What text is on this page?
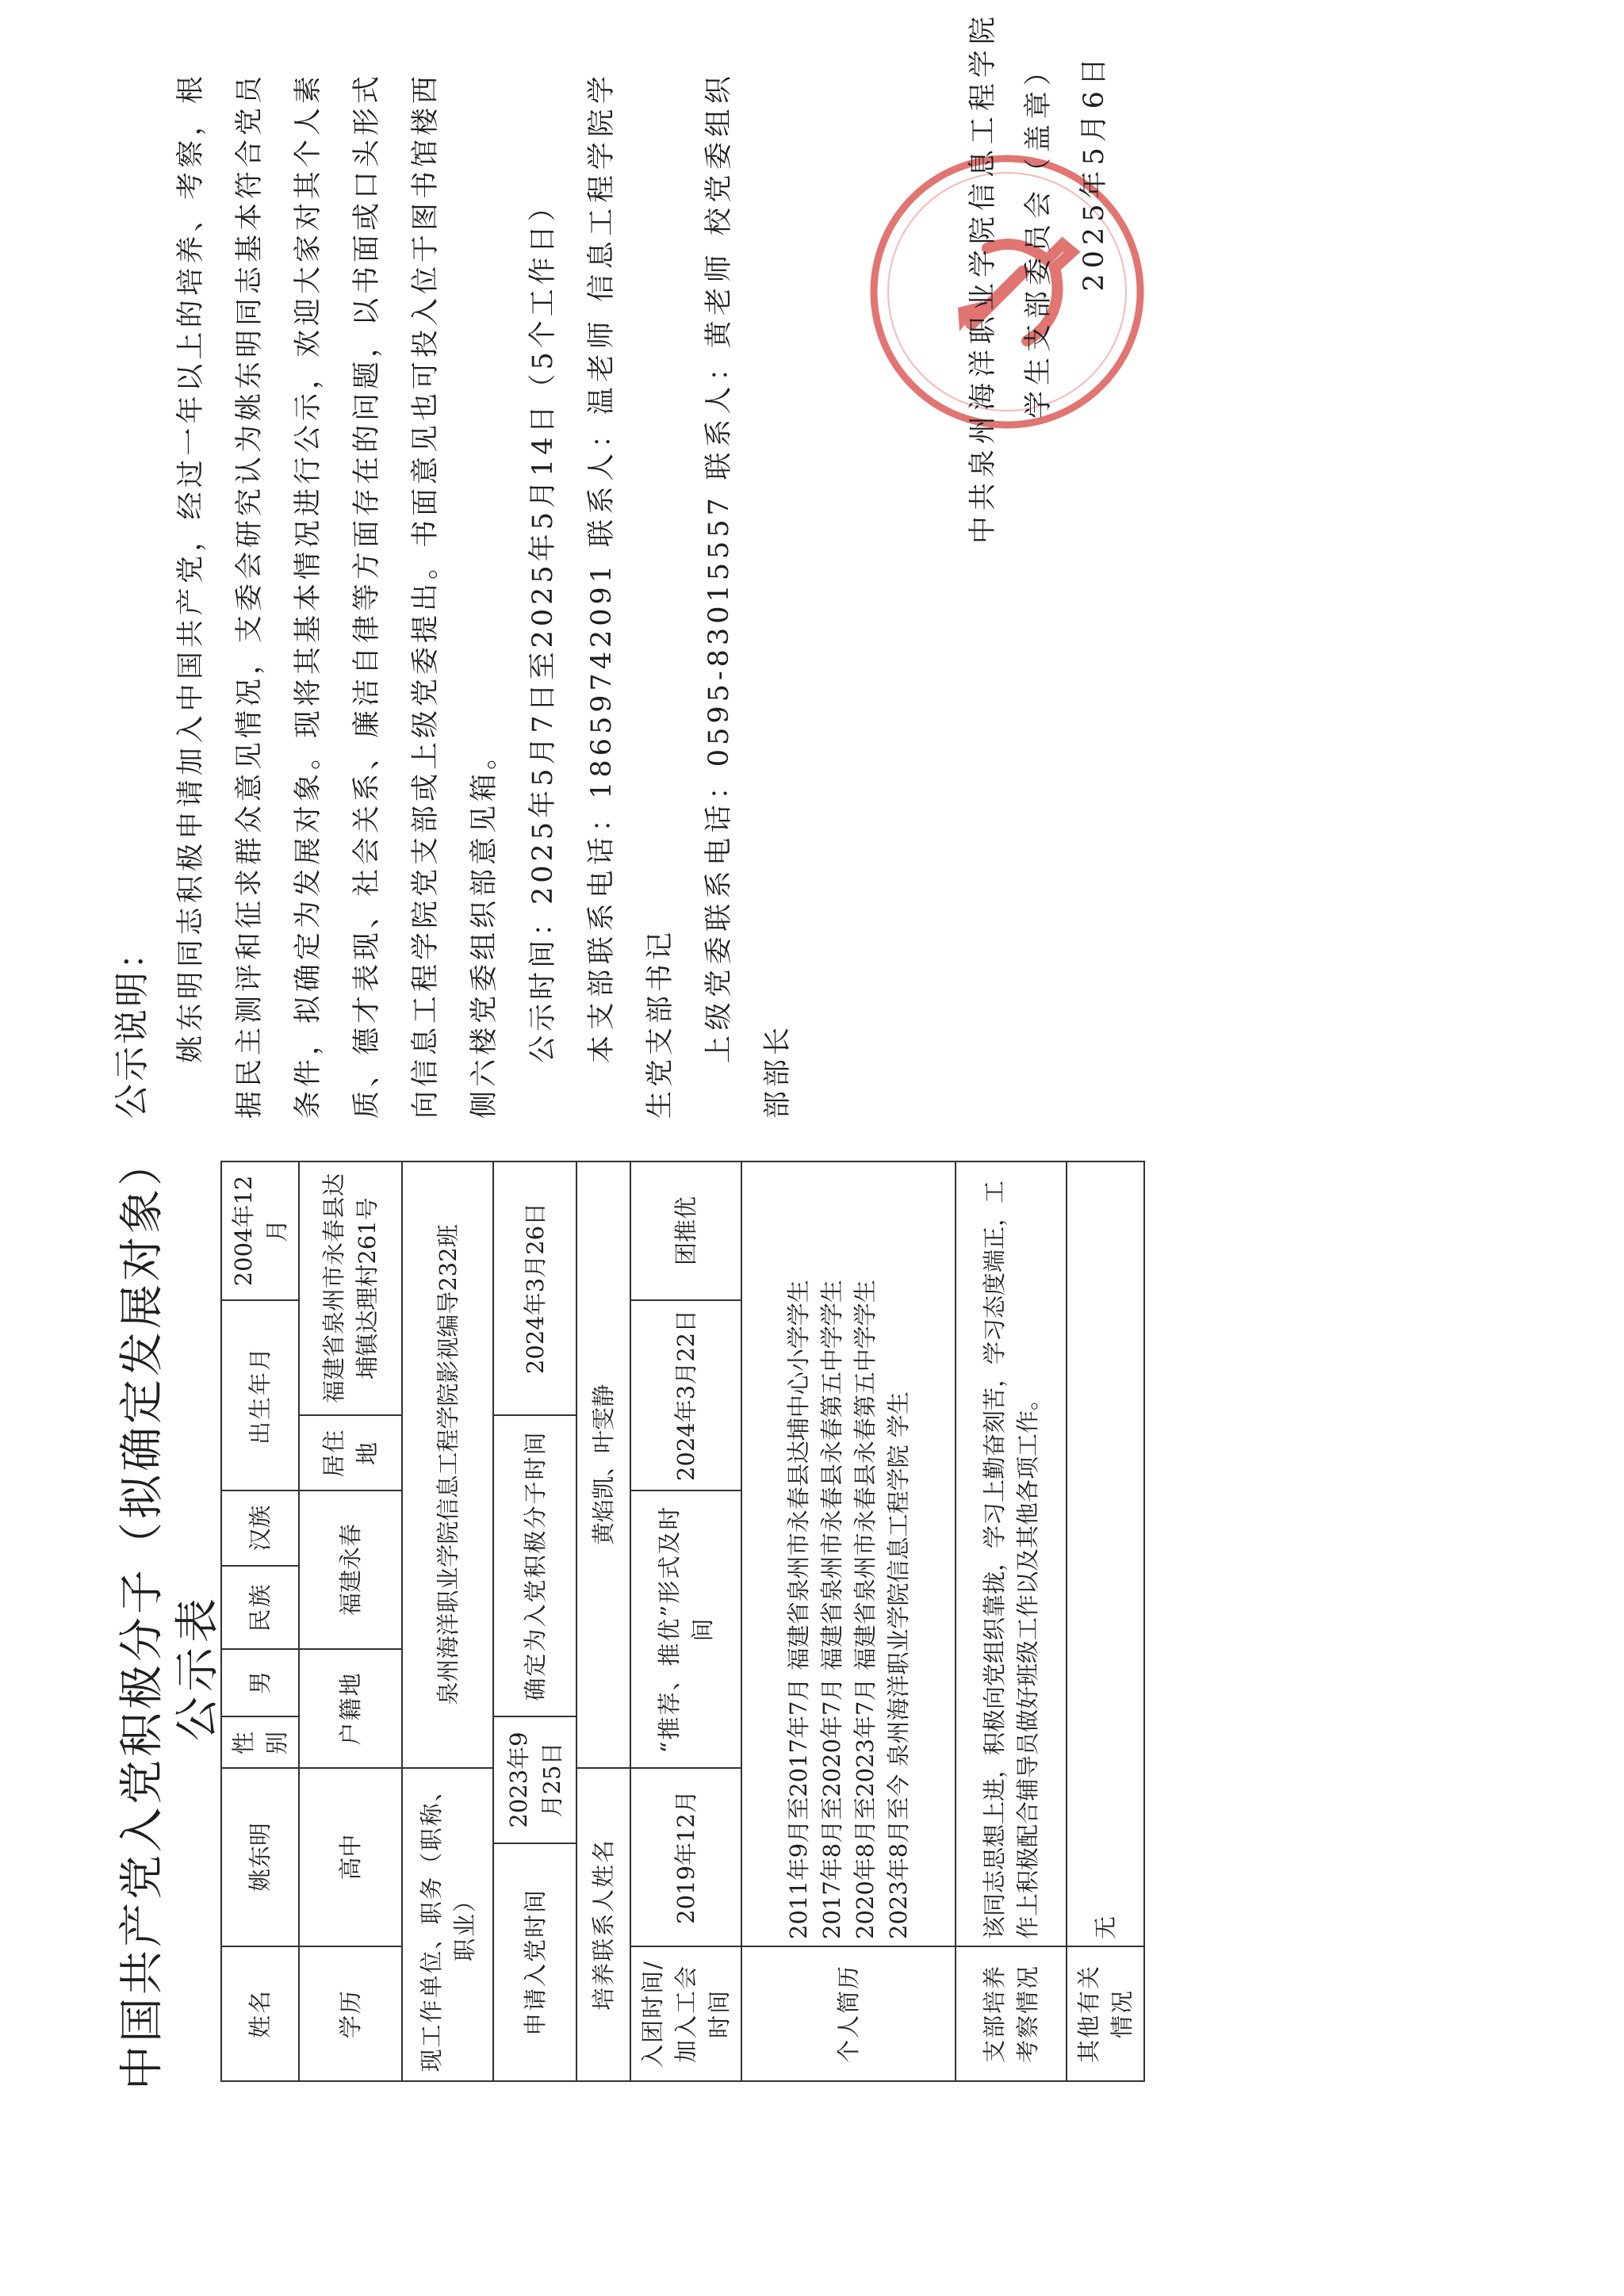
中国共产党入党积极分子（拟确定发展对象） 公示表
姓名	姚东明		性别	男	民族	汉族	出生年月		2004年12月
学历	高中		户籍地		福建永春		居住地	福建省泉州市永春县达埔镇达理村261号	
现工作单位、职务（职称、职业）			泉州海洋职业学院信息工程学院影视编导232班						
申请入党时间		2023年9月25日		确定为入党积极分子时间				2024年3月26日	
培养联系人姓名			黄焰凯、叶雯静						
入团时间/加入工会时间	2019年12月		“推荐、推优”形式及时间				2024年3月22日		团推优
个人简历	2011年9月至2017年7月 福建省泉州市永春县达埔中心小学学生 2017年8月至2020年7月 福建省泉州市永春县永春第五中学学生 2020年8月至2023年7月 福建省泉州市永春县永春第五中学学生 2023年8月至今 泉州海洋职业学院信息工程学院 学生								

支部培养考察情况	该同志思想上进，积极向党组织靠拢，学习上勤奋刻苦，学习态度端正，工作上积极配合辅导员做好班级工作以及其他各项工作。								
其他有关情况	无								
公示说明： 姚东明同志积极申请加入中国共产党，经过一年以上的培养、考察，根据民主测评和征求群众意见情况，支委会研究认为姚东明同志基本符合党员条件，拟确定为发展对象。现将其基本情况进行公示，欢迎大家对其个人素质、德才表现、社会关系、廉洁自律等方面存在的问题，以书面或口头形式向信息工程学院党支部或上级党委提出。书面意见也可投入位于图书馆楼西侧六楼党委组织部意见箱。 公示时间：2025年5月7日至2025年5月14日（5个工作日） 本支部联系电话：18659742091 联系人：温老师 信息工程学院学生党支部书记 上级党委联系电话：0595-83015557 联系人：黄老师 校党委组织部部长

中共泉州海洋职业学院信息工程学院 学生支部委员会（盖章） 2025年5月6日
